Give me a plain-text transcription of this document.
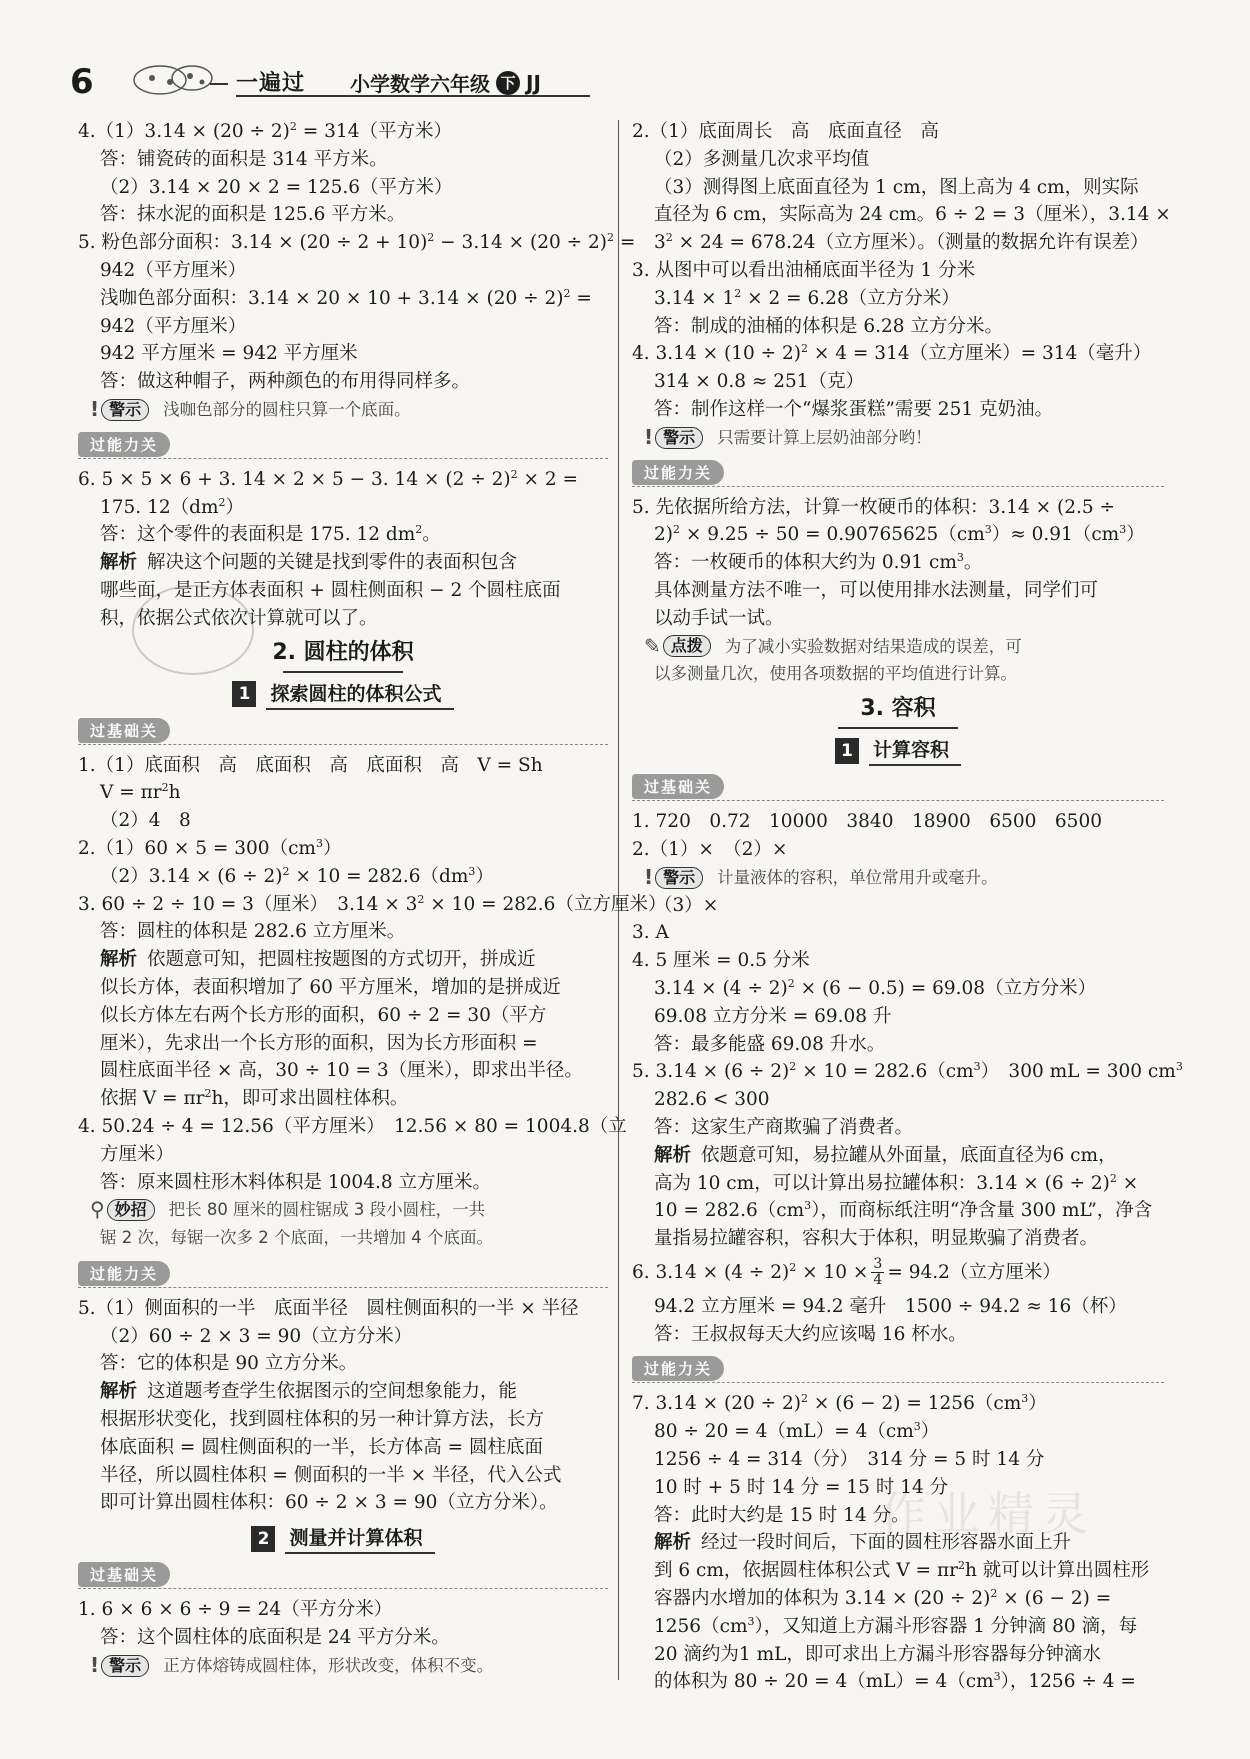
6	一遍过 小学数学六年级 下 JJ
作业精灵
$4.(1)3.14 \times (20 \div 2)^2 = 314$（平方米）
答：铺瓷砖的面积是 314 平方米。
（2）3.14 × 20 × 2 = 125.6（平方米）
答：抹水泥的面积是 125.6 平方米。
5. 粉色部分面积：$3.14 \times (20 \div 2 + 10)^2 - 3.14 \times (20 \div 2)^2$ =
942（平方厘米）
浅咖色部分面积：$3.14 \times 20 \times 10 + 3.14 \times (20 \div 2)^2$ =
942（平方厘米）
942 平方厘米 = 942 平方厘米
答：做这种帽子，两种颜色的布用得同样多。
! 警示	浅咖色部分的圆柱只算一个底面。
过能力关
6. 5 × 5 × 6 + 3. 14 × 2 × 5 − 3. $14 \times (2 \div 2)^2 \times 2$ =
175. $12(dm^2)$
答：这个零件的表面积是 175. 12 $dm^2$。
解析 解决这个问题的关键是找到零件的表面积包含
哪些面，是正方体表面积 + 圆柱侧面积 − 2 个圆柱底面
积，依据公式依次计算就可以了。
2. 圆柱的体积
1	探索圆柱的体积公式
过基础关
1.（1）底面积　高　底面积　高　底面积　高　V = Sh
$V = \pi r^2h$
（2）4　8
$2.(1)60 \times 5 = 300(cm^3)$
$(2)3.14 \times (6 \div 2)^2 \times 10 = 282.6(dm^3)$
3. 60 ÷ 2 ÷ 10 = 3（厘米）　$3.14 \times 3^2 \times 10 = 282.6$（立方厘米）
答：圆柱的体积是 282.6 立方厘米。
解析 依题意可知，把圆柱按题图的方式切开，拼成近
似长方体，表面积增加了 60 平方厘米，增加的是拼成近
似长方体左右两个长方形的面积，60 ÷ 2 = 30（平方
厘米），先求出一个长方形的面积，因为长方形面积 =
圆柱底面半径 × 高，30 ÷ 10 = 3（厘米），即求出半径。
依据 $V = \pi r^2h$，即可求出圆柱体积。
4. 50.24 ÷ 4 = 12.56（平方厘米）　12.56 × 80 = 1004.8（立
方厘米）
答：原来圆柱形木料体积是 1004.8 立方厘米。
⚲ 妙招	把长 80 厘米的圆柱锯成 3 段小圆柱，一共
锯 2 次，每锯一次多 2 个底面，一共增加 4 个底面。
过能力关
5.（1）侧面积的一半　底面半径　圆柱侧面积的一半 × 半径
（2）60 ÷ 2 × 3 = 90（立方分米）
答：它的体积是 90 立方分米。
解析 这道题考查学生依据图示的空间想象能力，能
根据形状变化，找到圆柱体积的另一种计算方法，长方
体底面积 = 圆柱侧面积的一半，长方体高 = 圆柱底面
半径，所以圆柱体积 = 侧面积的一半 × 半径，代入公式
即可计算出圆柱体积：60 ÷ 2 × 3 = 90（立方分米）。
2	测量并计算体积
过基础关
1. 6 × 6 × 6 ÷ 9 = 24（平方分米）
答：这个圆柱体的底面积是 24 平方分米。
! 警示	正方体熔铸成圆柱体，形状改变，体积不变。
2.（1）底面周长　高　底面直径　高
（2）多测量几次求平均值
（3）测得图上底面直径为 1 cm，图上高为 4 cm，则实际
直径为 6 cm，实际高为 24 cm。6 ÷ 2 = 3（厘米），3.14 ×
$3^2 \times 24 = 678.24$（立方厘米）。（测量的数据允许有误差）
3. 从图中可以看出油桶底面半径为 1 分米
$3.14 \times 1^2 \times 2 = 6.28$（立方分米）
答：制成的油桶的体积是 6.28 立方分米。
4. $3.14 \times (10 \div 2)^2 \times 4 = 314$（立方厘米）= 314（毫升）
314 × 0.8 ≈ 251（克）
答：制作这样一个“爆浆蛋糕”需要 251 克奶油。
! 警示	只需要计算上层奶油部分哟！
过能力关
5. 先依据所给方法，计算一枚硬币的体积：3.14 × (2.5 ÷
$2)^2 \times 9.25 \div 50 = 0.90765625(cm^3)\approx 0.91(cm^3)$
答：一枚硬币的体积大约为 0.91 $cm^3$。
具体测量方法不唯一，可以使用排水法测量，同学们可
以动手试一试。
✎ 点拨	为了减小实验数据对结果造成的误差，可
以多测量几次，使用各项数据的平均值进行计算。
3. 容积
1	计算容积
过基础关
1. 720　0.72　10000　3840　18900　6500　6500
2.（1）×　（2）×
! 警示	计量液体的容积，单位常用升或毫升。
（3）×
3. A
4. 5 厘米 = 0.5 分米
$3.14 \times (4 \div 2)^2 \times (6 - 0.5) = 69.08$（立方分米）
69.08 立方分米 = 69.08 升
答：最多能盛 69.08 升水。
5. $3.14 \times (6 \div 2)^2 \times 10 = 282.6(cm^3)$　300 mL = 300 $cm^3$
282.6 < 300
答：这家生产商欺骗了消费者。
解析 依题意可知，易拉罐从外面量，底面直径为6 cm，
高为 10 cm，可以计算出易拉罐体积：$3.14 \times (6 \div 2)^2$ ×
$10 = 282.6(cm^3)$，而商标纸注明“净含量 300 mL”，净含
量指易拉罐容积，容积大于体积，明显欺骗了消费者。
6. $3.14 \times (4 \div 2)^2 \times 10 \times \frac{3}{4} = 94.2$（立方厘米）
94.2 立方厘米 = 94.2 毫升　1500 ÷ 94.2 ≈ 16（杯）
答：王叔叔每天大约应该喝 16 杯水。
过能力关
7. $3.14 \times (20 \div 2)^2 \times (6 - 2) = 1256(cm^3)$
$80 \div 20 = 4(mL)= 4(cm^3)$
1256 ÷ 4 = 314（分）　314 分 = 5 时 14 分
10 时 + 5 时 14 分 = 15 时 14 分
答：此时大约是 15 时 14 分。
解析 经过一段时间后，下面的圆柱形容器水面上升
到 6 cm，依据圆柱体积公式 $V = \pi r^2h$ 就可以计算出圆柱形
容器内水增加的体积为 $3.14 \times (20 \div 2)^2 \times (6 - 2)$ =
$1256(cm^3)$，又知道上方漏斗形容器 1 分钟滴 80 滴，每
20 滴约为1 mL，即可求出上方漏斗形容器每分钟滴水
的体积为 $80 \div 20 = 4(mL)= 4(cm^3)$，1256 ÷ 4 =
